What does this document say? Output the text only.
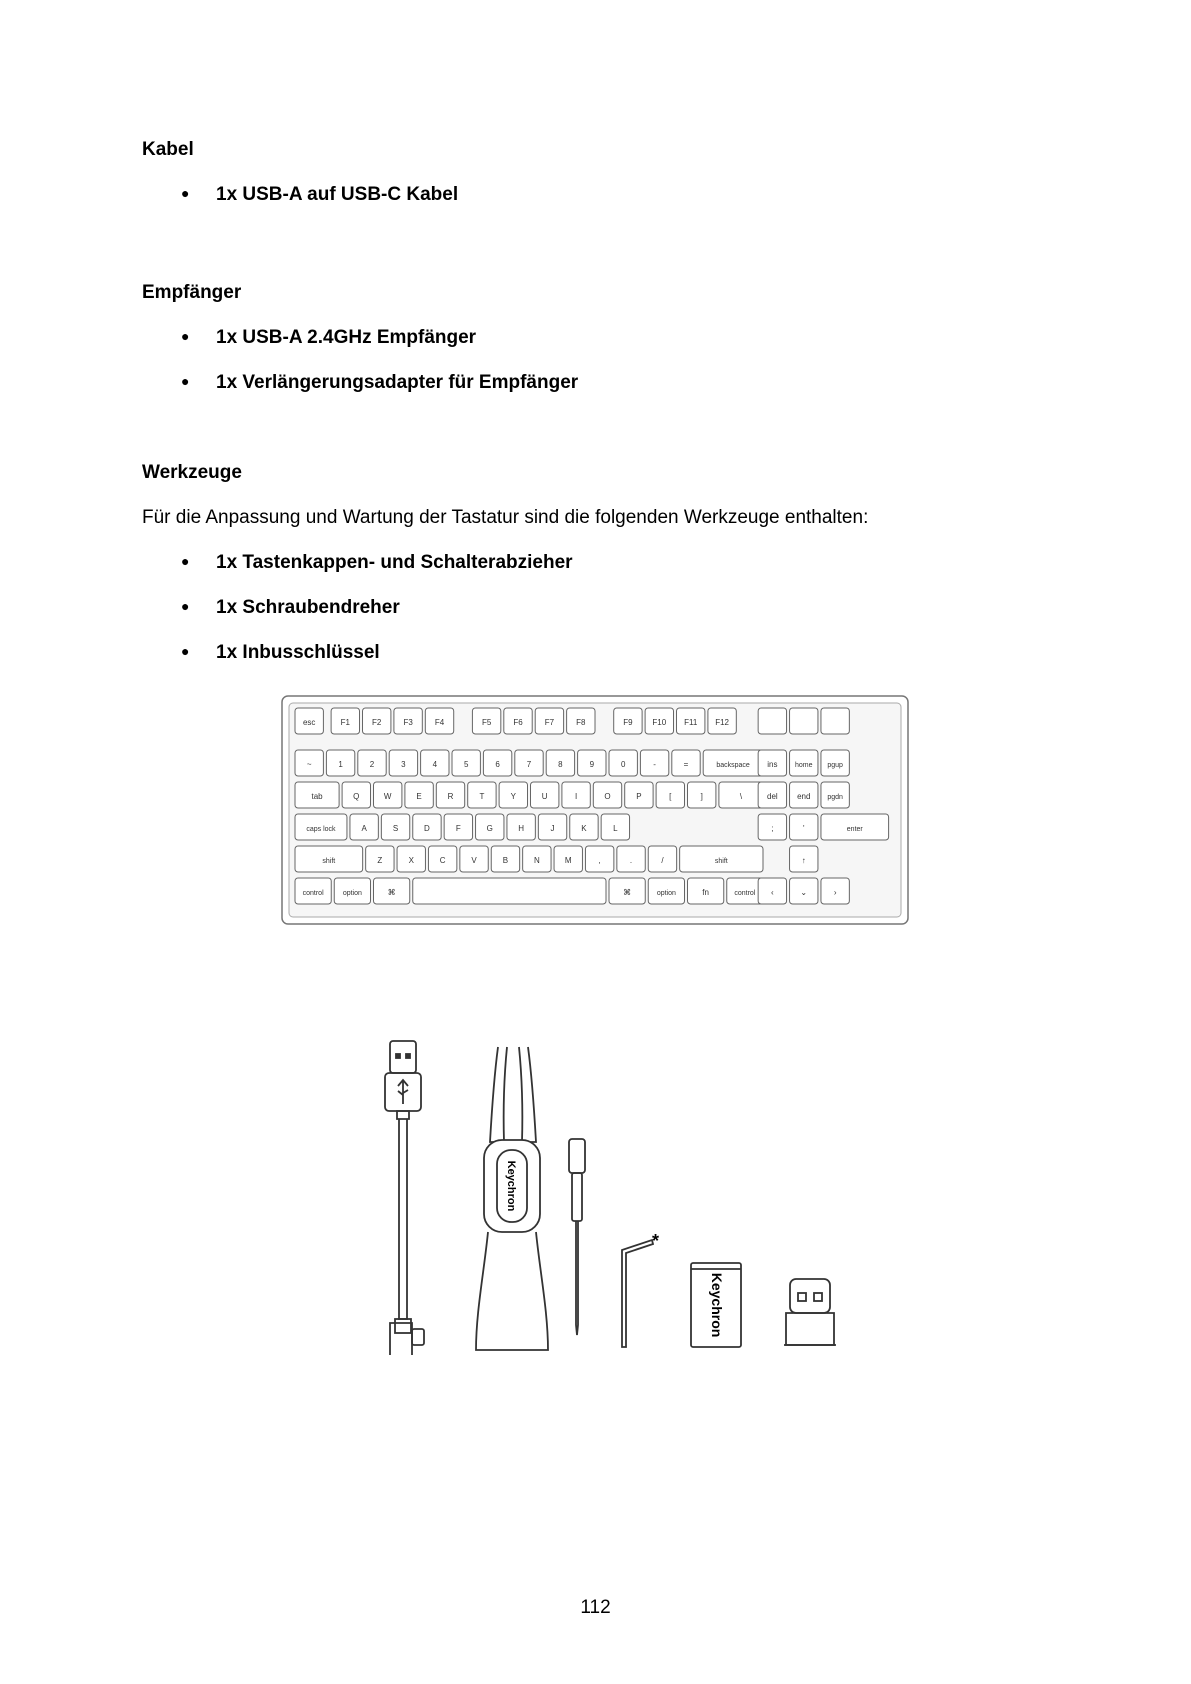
Kabel
● 1x USB-A auf USB-C Kabel
Empfänger
● 1x USB-A 2.4GHz Empfänger
● 1x Verlängerungsadapter für Empfänger
Werkzeuge
Für die Anpassung und Wartung der Tastatur sind die folgenden Werkzeuge enthalten:
● 1x Tastenkappen- und Schalterabzieher
● 1x Schraubendreher
● 1x Inbusschlüssel
esc	F1	F2	F3	F4	F5	F6	F7	F8	F9 F10 F11 F12
~	1	2	3	4	5	6	7	8	9	0	-	=	backspace ins	home pgup
tab	Q	W	E	R	T	Y	U	I	O	P	[	]	\	del end pgdn
caps lock	A	S	D	F	G	H	J	K	L	;	'	enter
shift	Z	X	C	V	B	N	M	,	.	/	shift	↑
control	option	⌘	⌘	option	fn	control ‹	⌄	›
Keychron
Keychron
*
112
